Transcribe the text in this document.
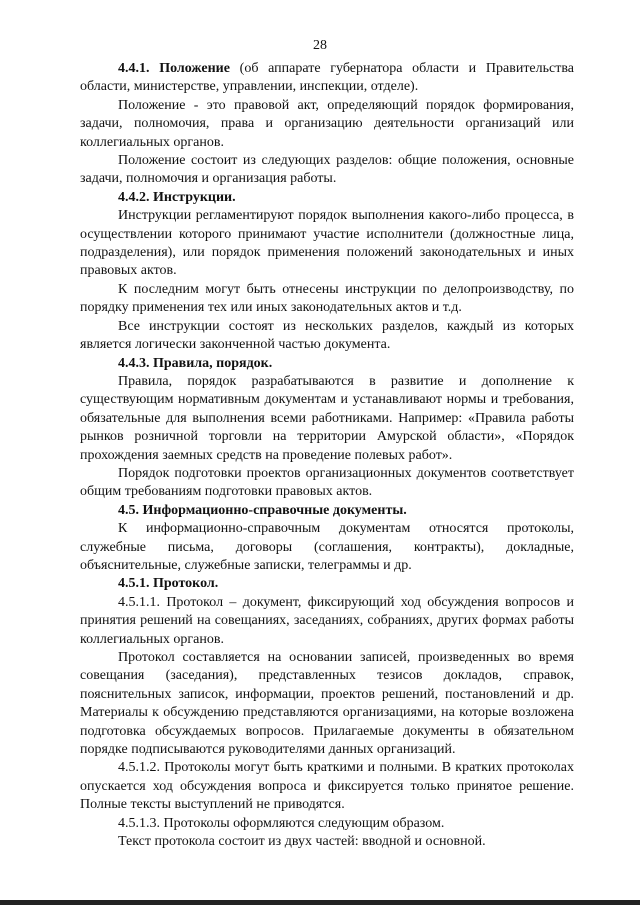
28

4.4.1. Положение (об аппарате губернатора области и Правительства области, министерстве, управлении, инспекции, отделе).

Положение - это правовой акт, определяющий порядок формирования, задачи, полномочия, права и организацию деятельности организаций или коллегиальных органов.

Положение состоит из следующих разделов: общие положения, основные задачи, полномочия и организация работы.

4.4.2. Инструкции.

Инструкции регламентируют порядок выполнения какого-либо процесса, в осуществлении которого принимают участие исполнители (должностные лица, подразделения), или порядок применения положений законодательных и иных правовых актов.

К последним могут быть отнесены инструкции по делопроизводству, по порядку применения тех или иных законодательных актов и т.д.

Все инструкции состоят из нескольких разделов, каждый из которых является логически законченной частью документа.

4.4.3. Правила, порядок.

Правила, порядок разрабатываются в развитие и дополнение к существующим нормативным документам и устанавливают нормы и требования, обязательные для выполнения всеми работниками. Например: «Правила работы рынков розничной торговли на территории Амурской области», «Порядок прохождения заемных средств на проведение полевых работ».

Порядок подготовки проектов организационных документов соответствует общим требованиям подготовки правовых актов.

4.5. Информационно-справочные документы.

К информационно-справочным документам относятся протоколы, служебные письма, договоры (соглашения, контракты), докладные, объяснительные, служебные записки, телеграммы и др.

4.5.1. Протокол.

4.5.1.1. Протокол – документ, фиксирующий ход обсуждения вопросов и принятия решений на совещаниях, заседаниях, собраниях, других формах работы коллегиальных органов.

Протокол составляется на основании записей, произведенных во время совещания (заседания), представленных тезисов докладов, справок, пояснительных записок, информации, проектов решений, постановлений и др. Материалы к обсуждению представляются организациями, на которые возложена подготовка обсуждаемых вопросов. Прилагаемые документы в обязательном порядке подписываются руководителями данных организаций.

4.5.1.2. Протоколы могут быть краткими и полными. В кратких протоколах опускается ход обсуждения вопроса и фиксируется только принятое решение. Полные тексты выступлений не приводятся.

4.5.1.3. Протоколы оформляются следующим образом.

Текст протокола состоит из двух частей: вводной и основной.
